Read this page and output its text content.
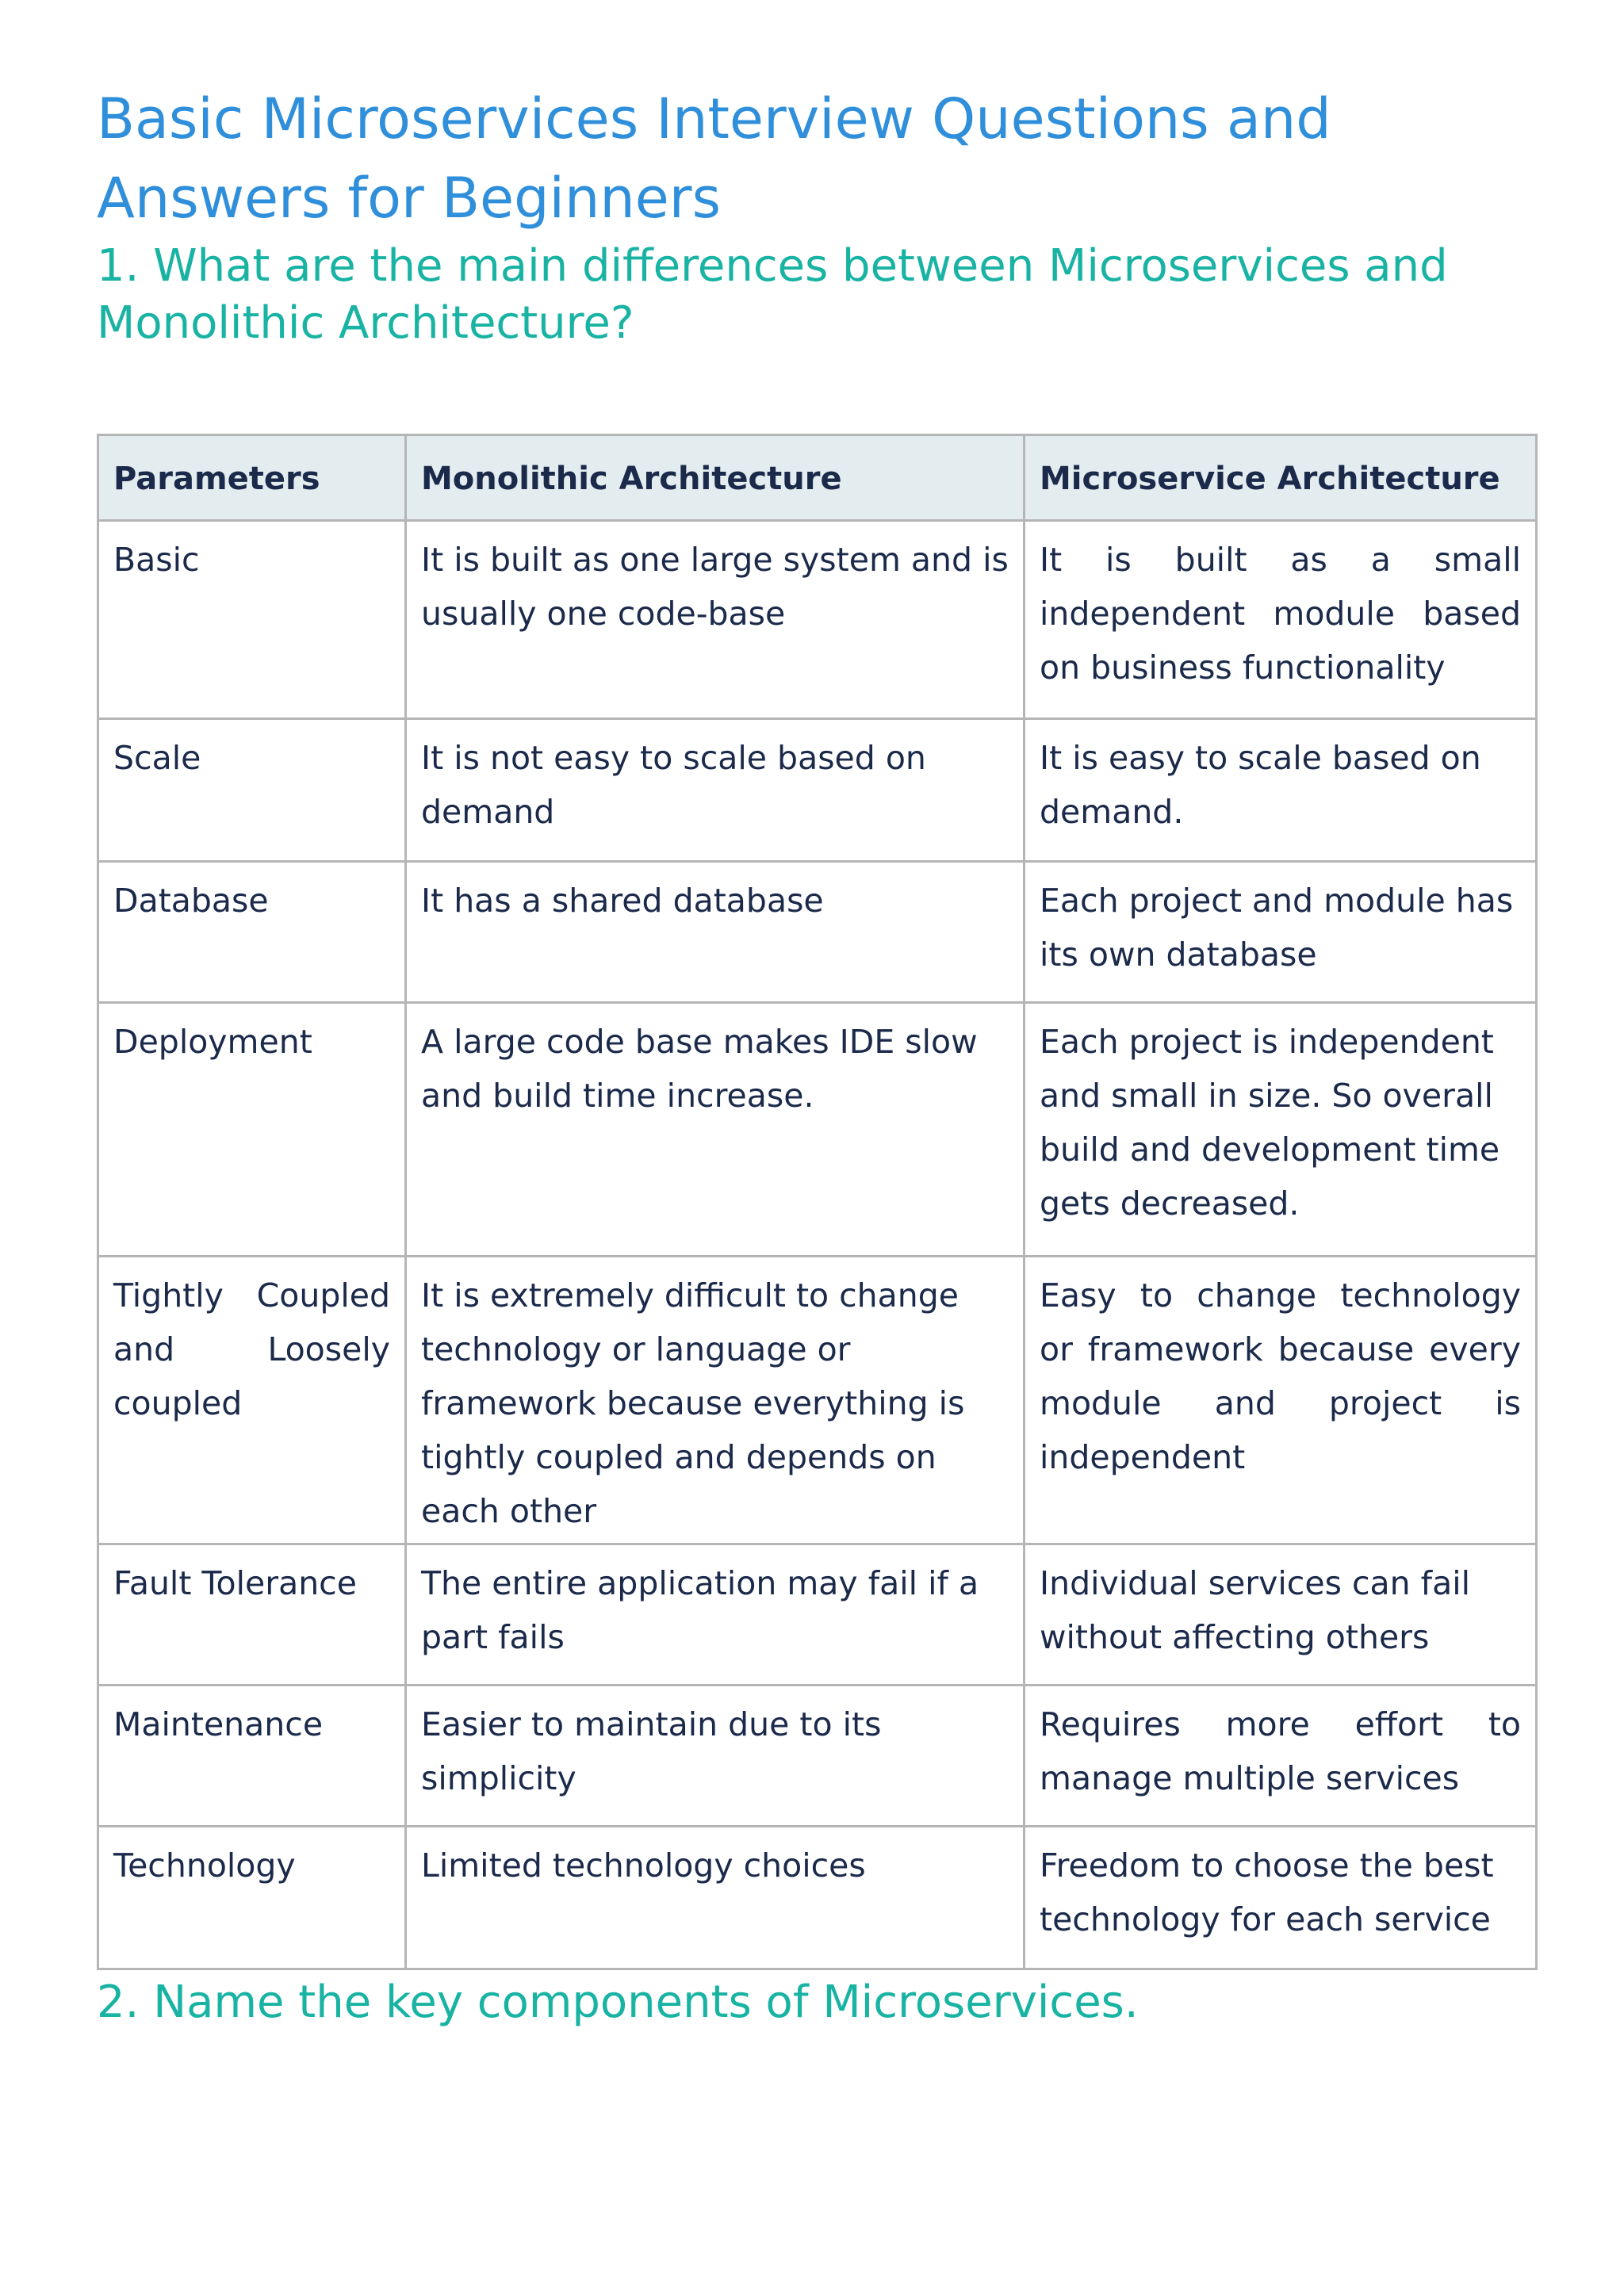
Basic Microservices Interview Questions and Answers for Beginners
1. What are the main differences between Microservices and Monolithic Architecture?
Parameters	Monolithic Architecture	Microservice Architecture
Basic	It is built as one large system and is usually one code-base	It is built as a small independent module based on business functionality
Scale	It is not easy to scale based on demand	It is easy to scale based on demand.
Database	It has a shared database	Each project and module has its own database
Deployment	A large code base makes IDE slow and build time increase.	Each project is independent and small in size. So overall build and development time gets decreased.
Tightly Coupled and Loosely coupled	It is extremely difficult to change technology or language or framework because everything is tightly coupled and depends on each other	Easy to change technology or framework because every module and project is independent
Fault Tolerance	The entire application may fail if a part fails	Individual services can fail without affecting others
Maintenance	Easier to maintain due to its simplicity	Requires more effort to manage multiple services
Technology	Limited technology choices	Freedom to choose the best technology for each service
2. Name the key components of Microservices.
